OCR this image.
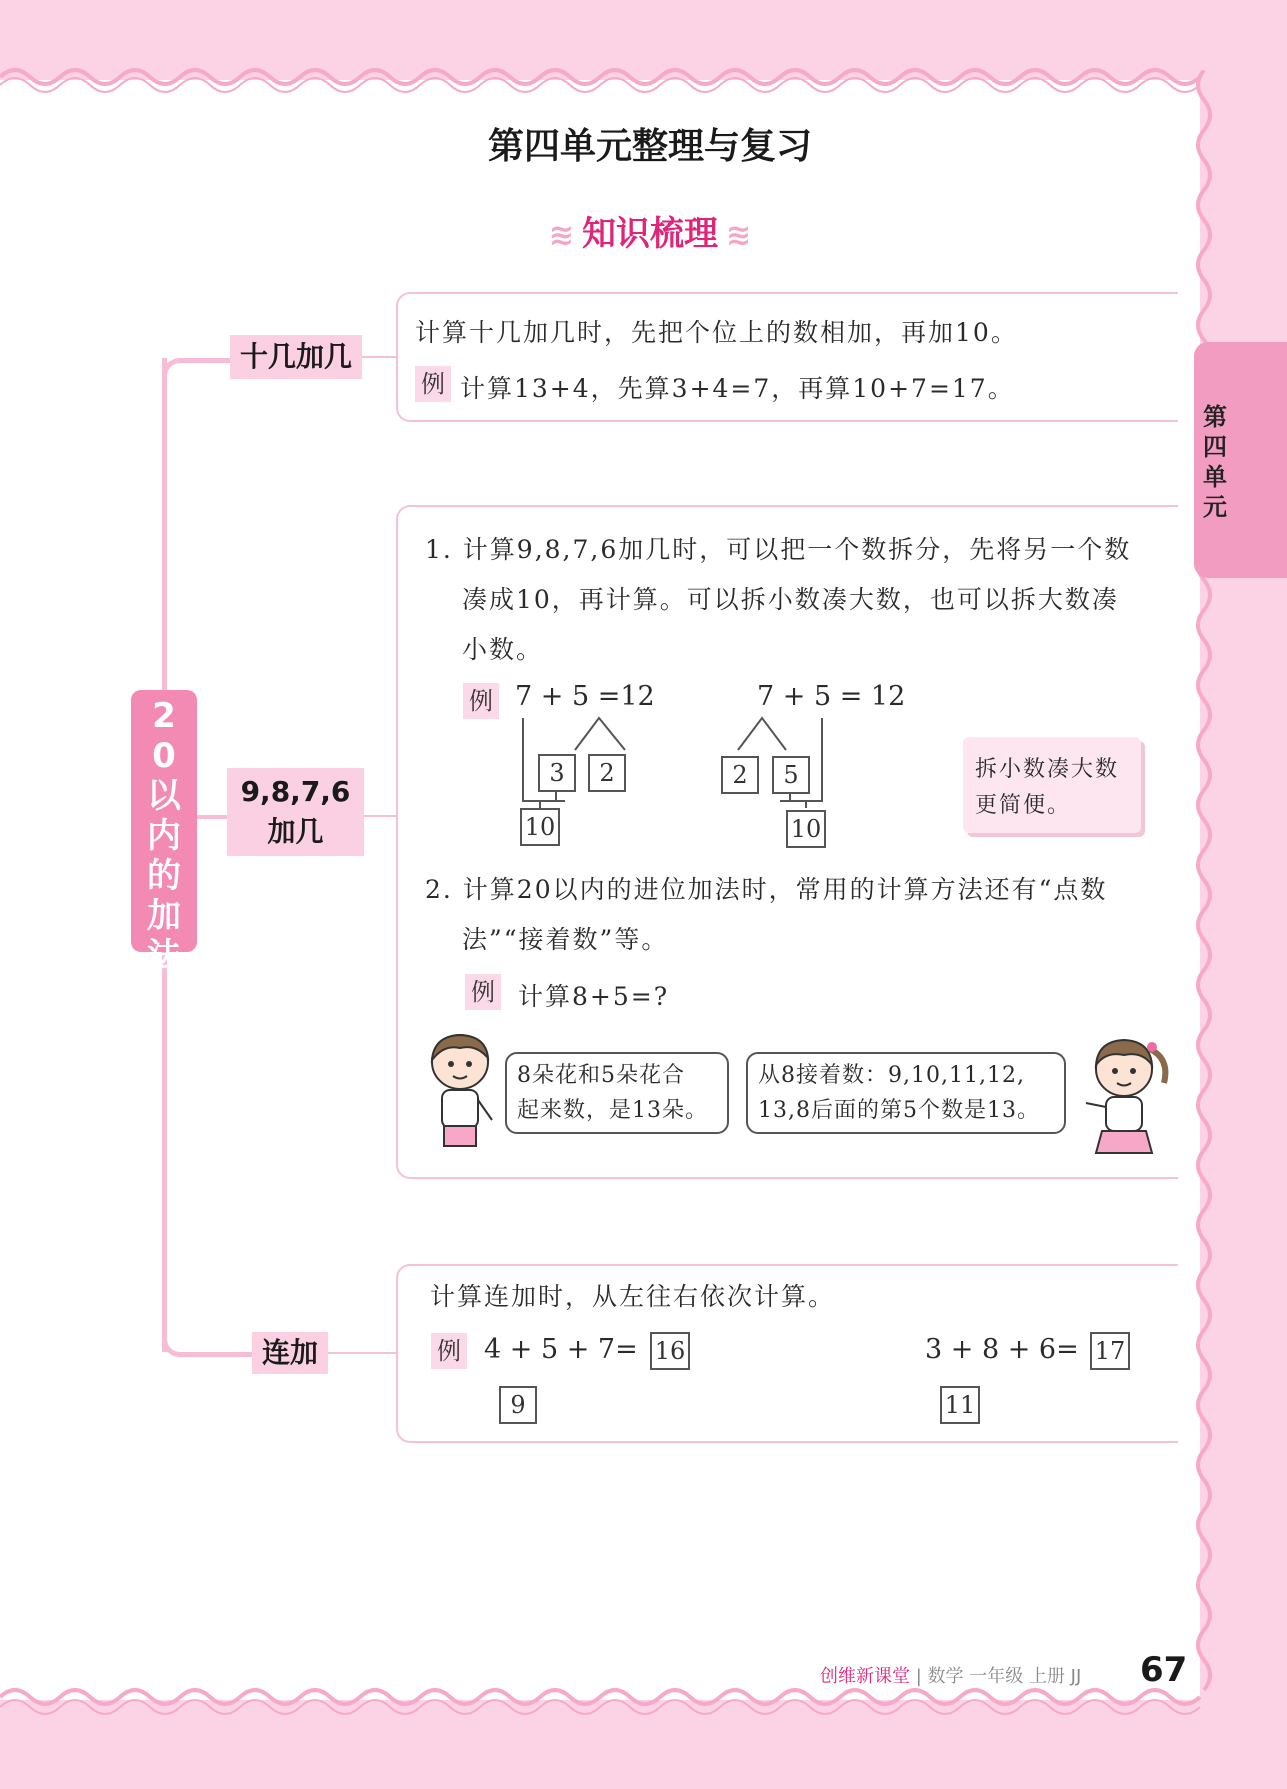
第四单元整理与复习
≋ 知识梳理 ≋
第四单元
20以内的加法
十几加几
9,8,7,6
加几
连加
计算十几加几时，先把个位上的数相加，再加10。
例 计算13+4，先算3+4=7，再算10+7=17。
1. 计算9,8,7,6加几时，可以把一个数拆分，先将另一个数
凑成10，再计算。可以拆小数凑大数，也可以拆大数凑
小数。
例 7 + 5 =12	7 + 5 = 12
3	2
10
2	5
10
拆小数凑大数
更简便。
2. 计算20以内的进位加法时，常用的计算方法还有“点数
法”“接着数”等。
例 计算8+5=?
8朵花和5朵花合
起来数，是13朵。
从8接着数：9,10,11,12,
13,8后面的第5个数是13。
计算连加时，从左往右依次计算。
例 4 + 5 + 7= 16
9
3 + 8 + 6= 17
11
创维新课堂 | 数学 一年级 上册 JJ 67
